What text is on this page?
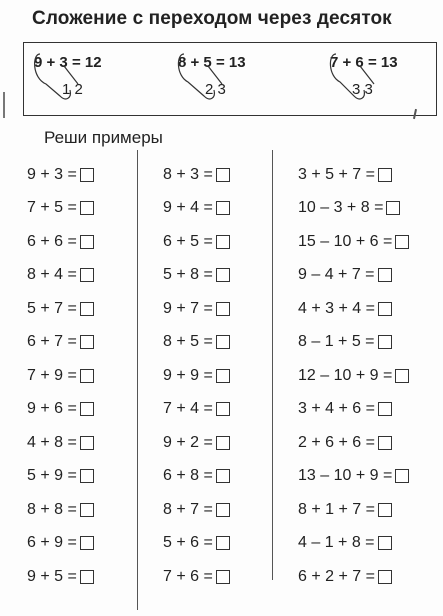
Сложение с переходом через десяток
9 + 3 = 12
1 2
8 + 5 = 13
2 3
7 + 6 = 13
3 3
Реши примеры
9 + 3 =
7 + 5 =
6 + 6 =
8 + 4 =
5 + 7 =
6 + 7 =
7 + 9 =
9 + 6 =
4 + 8 =
5 + 9 =
8 + 8 =
6 + 9 =
9 + 5 =
8 + 3 =
9 + 4 =
6 + 5 =
5 + 8 =
9 + 7 =
8 + 5 =
9 + 9 =
7 + 4 =
9 + 2 =
6 + 8 =
8 + 7 =
5 + 6 =
7 + 6 =
3 + 5 + 7 =
10 – 3 + 8 =
15 – 10 + 6 =
9 – 4 + 7 =
4 + 3 + 4 =
8 – 1 + 5 =
12 – 10 + 9 =
3 + 4 + 6 =
2 + 6 + 6 =
13 – 10 + 9 =
8 + 1 + 7 =
4 – 1 + 8 =
6 + 2 + 7 =
